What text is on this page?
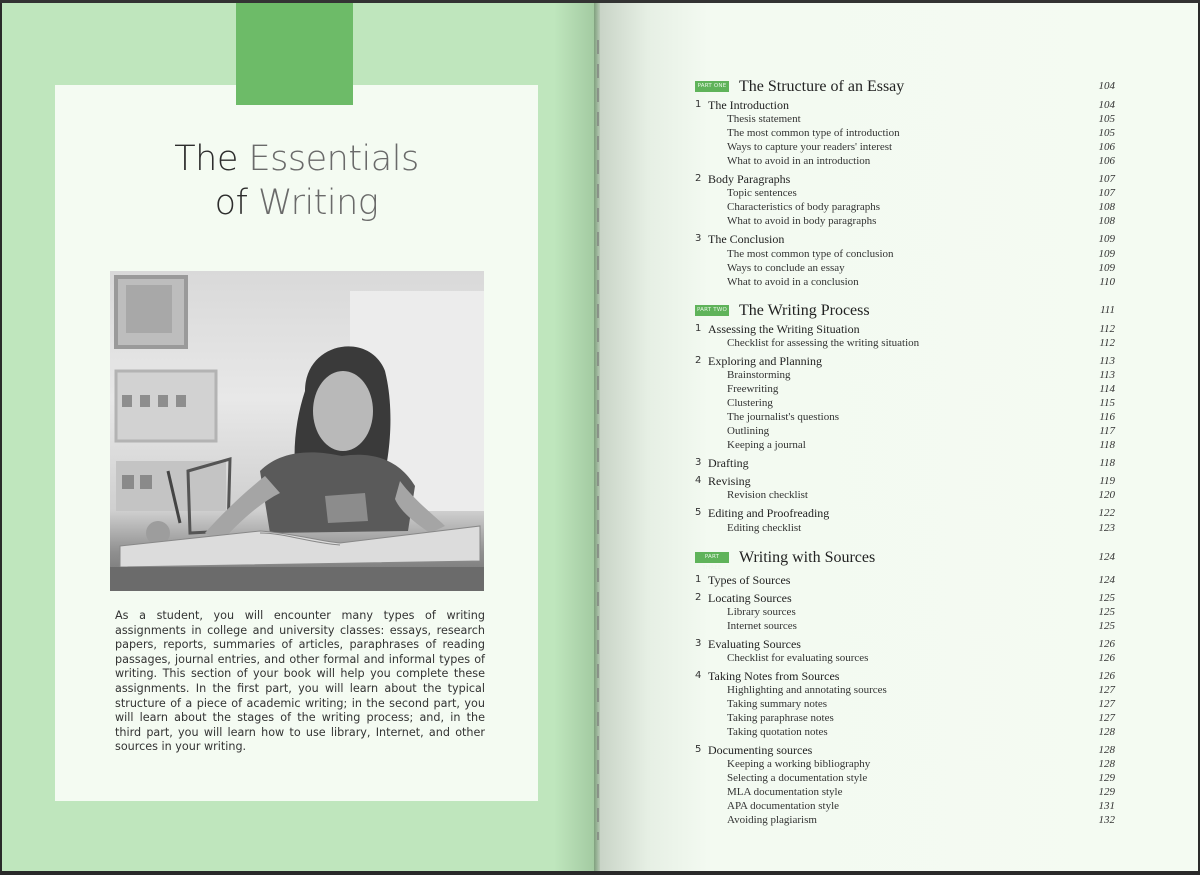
The Essentials
of Writing

As a student, you will encounter many types of writing assignments in college and university classes: essays, research papers, reports, summaries of articles, paraphrases of reading passages, journal entries, and other formal and informal types of writing. This section of your book will help you complete these assignments. In the first part, you will learn about the typical structure of a piece of academic writing; in the second part, you will learn about the stages of the writing process; and, in the third part, you will learn how to use library, Internet, and other sources in your writing.

PART ONE The Structure of an Essay	104
1 The Introduction	104
Thesis statement	105
The most common type of introduction	105
Ways to capture your readers' interest	106
What to avoid in an introduction	106
2 Body Paragraphs	107
Topic sentences	107
Characteristics of body paragraphs	108
What to avoid in body paragraphs	108
3 The Conclusion	109
The most common type of conclusion	109
Ways to conclude an essay	109
What to avoid in a conclusion	110
PART TWO The Writing Process	111
1 Assessing the Writing Situation	112
Checklist for assessing the writing situation	112
2 Exploring and Planning	113
Brainstorming	113
Freewriting	114
Clustering	115
The journalist's questions	116
Outlining	117
Keeping a journal	118
3 Drafting	118
4 Revising	119
Revision checklist	120
5 Editing and Proofreading	122
Editing checklist	123
PART THREE
Writing with Sources	124
1 Types of Sources	124
2 Locating Sources	125
Library sources	125
Internet sources	125
3 Evaluating Sources	126
Checklist for evaluating sources	126
4 Taking Notes from Sources	126
Highlighting and annotating sources	127
Taking summary notes	127
Taking paraphrase notes	127
Taking quotation notes	128
5 Documenting sources	128
Keeping a working bibliography	128
Selecting a documentation style	129
MLA documentation style	129
APA documentation style	131
Avoiding plagiarism	132
